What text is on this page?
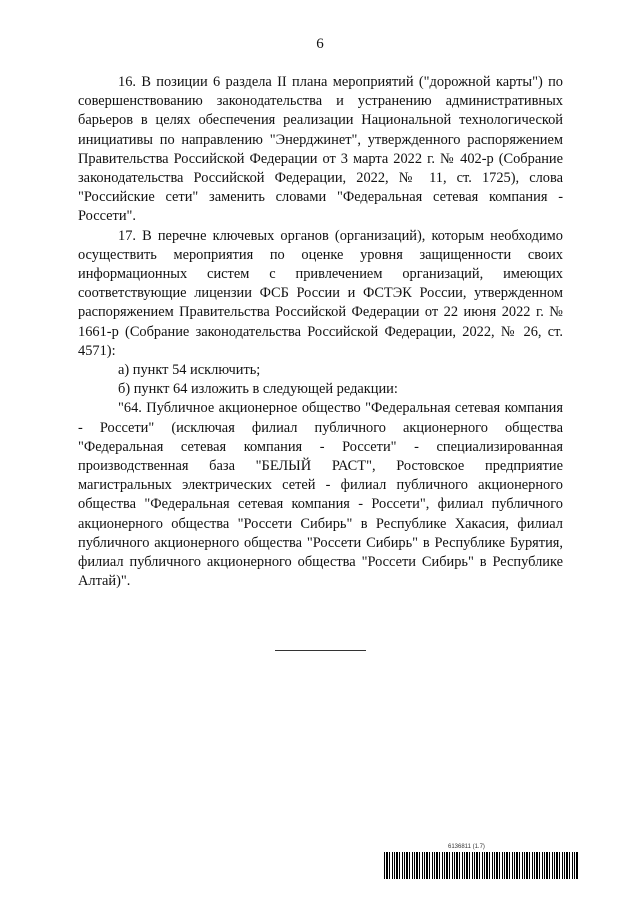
6

16. В позиции 6 раздела II плана мероприятий ("дорожной карты") по совершенствованию законодательства и устранению административных барьеров в целях обеспечения реализации Национальной технологической инициативы по направлению "Энерджинет", утвержденного распоряжением Правительства Российской Федерации от 3 марта 2022 г. № 402-р (Собрание законодательства Российской Федерации, 2022, № 11, ст. 1725), слова "Российские сети" заменить словами "Федеральная сетевая компания - Россети".

17. В перечне ключевых органов (организаций), которым необходимо осуществить мероприятия по оценке уровня защищенности своих информационных систем с привлечением организаций, имеющих соответствующие лицензии ФСБ России и ФСТЭК России, утвержденном распоряжением Правительства Российской Федерации от 22 июня 2022 г. № 1661-р (Собрание законодательства Российской Федерации, 2022, № 26, ст. 4571):

а) пункт 54 исключить;

б) пункт 64 изложить в следующей редакции:

"64. Публичное акционерное общество "Федеральная сетевая компания - Россети" (исключая филиал публичного акционерного общества "Федеральная сетевая компания - Россети" - специализированная производственная база "БЕЛЫЙ РАСТ", Ростовское предприятие магистральных электрических сетей - филиал публичного акционерного общества "Федеральная сетевая компания - Россети", филиал публичного акционерного общества "Россети Сибирь" в Республике Хакасия, филиал публичного акционерного общества "Россети Сибирь" в Республике Бурятия, филиал публичного акционерного общества "Россети Сибирь" в Республике Алтай)".

6136811 (1.7)
